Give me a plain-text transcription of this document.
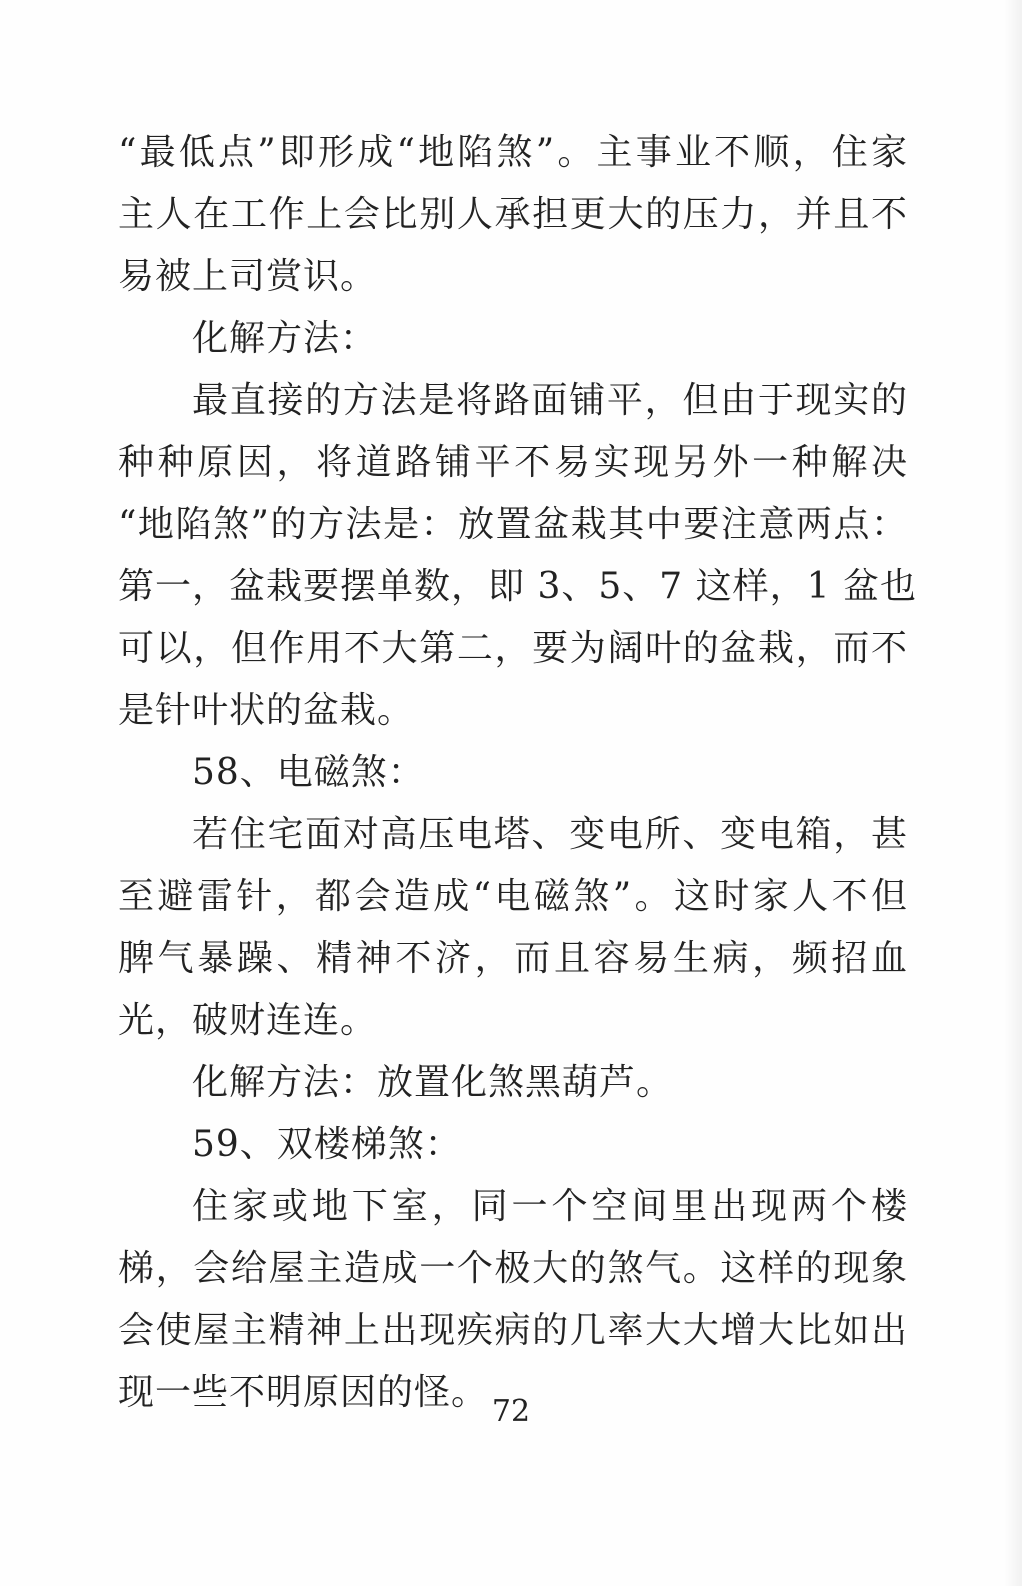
“最低点”即形成“地陷煞”。主事业不顺，住家
主人在工作上会比别人承担更大的压力，并且不
易被上司赏识。
化解方法：
最直接的方法是将路面铺平，但由于现实的
种种原因，将道路铺平不易实现另外一种解决
“地陷煞”的方法是：放置盆栽其中要注意两点：
第一，盆栽要摆单数，即 3、5、7 这样，1 盆也
可以，但作用不大第二，要为阔叶的盆栽，而不
是针叶状的盆栽。
58、电磁煞：
若住宅面对高压电塔、变电所、变电箱，甚
至避雷针，都会造成“电磁煞”。这时家人不但
脾气暴躁、精神不济，而且容易生病，频招血
光，破财连连。
化解方法：放置化煞黑葫芦。
59、双楼梯煞：
住家或地下室，同一个空间里出现两个楼
梯，会给屋主造成一个极大的煞气。这样的现象
会使屋主精神上出现疾病的几率大大增大比如出
现一些不明原因的怪。 72
